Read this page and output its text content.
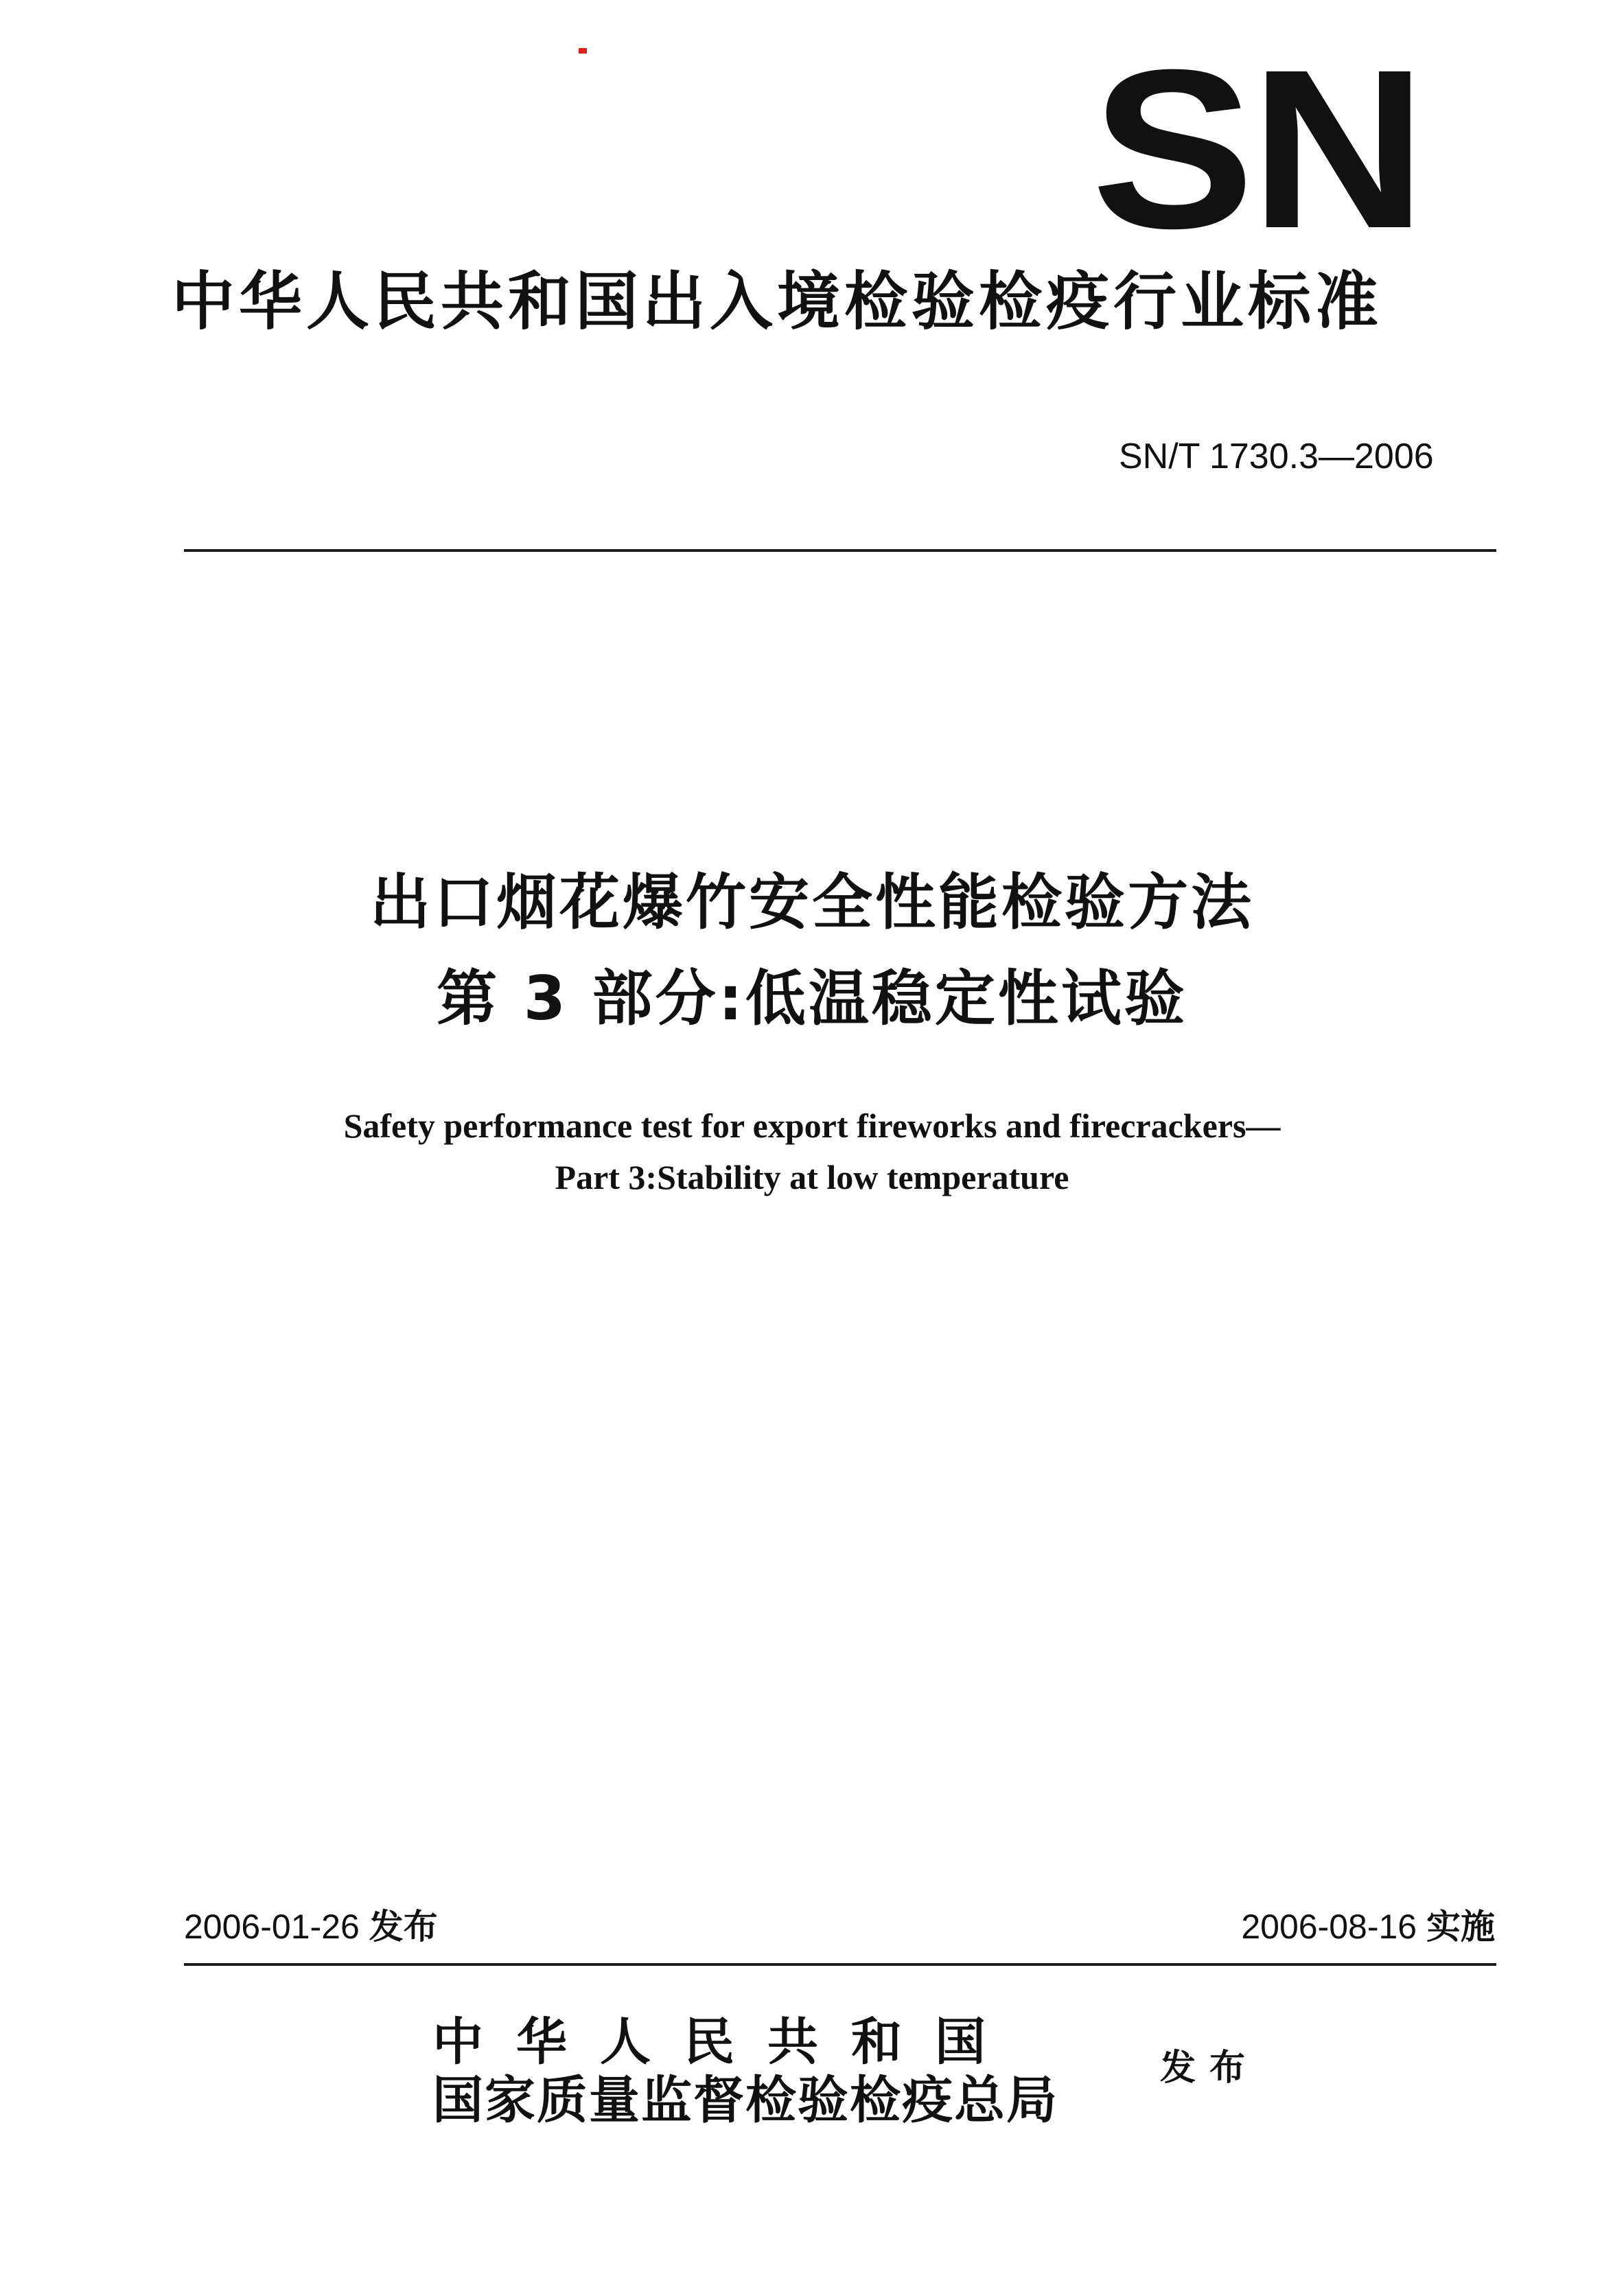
SN
中华人民共和国出入境检验检疫行业标准
SN/T 1730.3—2006
出口烟花爆竹安全性能检验方法
第 3 部分:低温稳定性试验
Safety performance test for export fireworks and firecrackers—
Part 3:Stability at low temperature
2006-01-26 发布	2006-08-16 实施
中华人民共和国
国家质量监督检验检疫总局
发布
